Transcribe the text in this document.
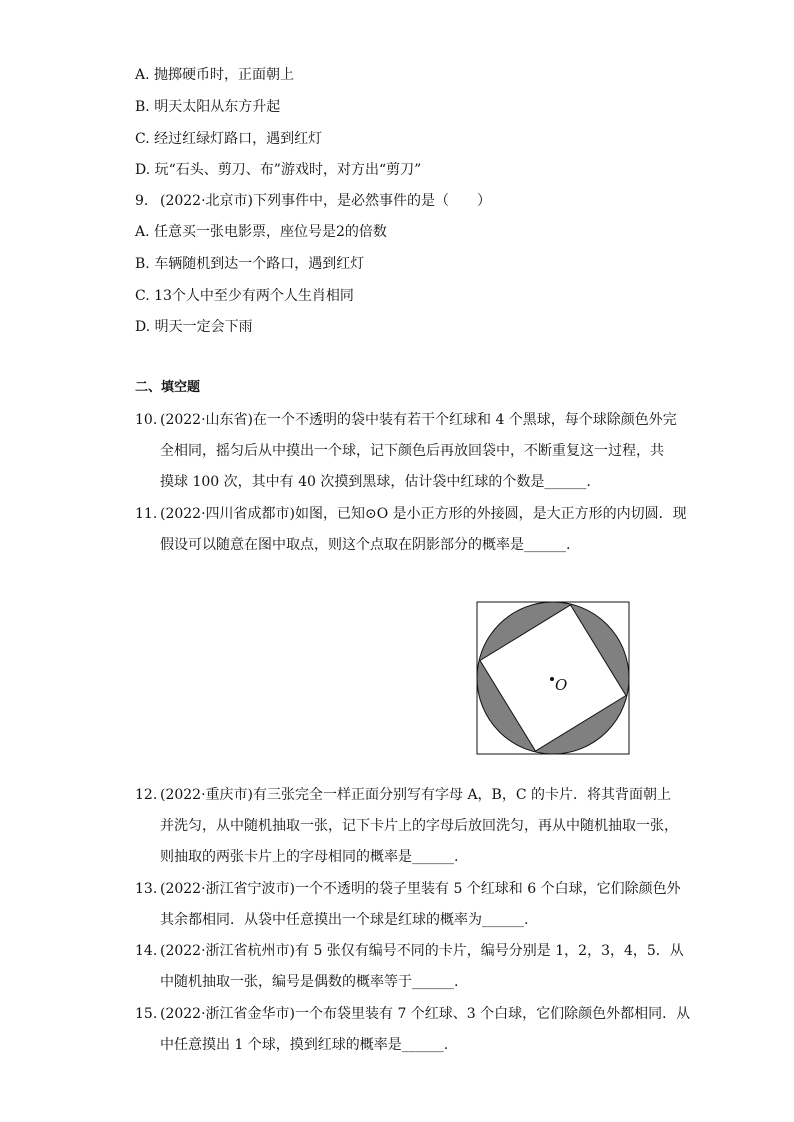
A. 抛掷硬币时，正面朝上
B. 明天太阳从东方升起
C. 经过红绿灯路口，遇到红灯
D. 玩“石头、剪刀、布”游戏时，对方出“剪刀”
9. (2022·北京市)下列事件中，是必然事件的是（　　）
A. 任意买一张电影票，座位号是2的倍数
B. 车辆随机到达一个路口，遇到红灯
C. 13个人中至少有两个人生肖相同
D. 明天一定会下雨
二、填空题
10. (2022·山东省)在一个不透明的袋中装有若干个红球和 4 个黑球，每个球除颜色外完
全相同，摇匀后从中摸出一个球，记下颜色后再放回袋中，不断重复这一过程，共
摸球 100 次，其中有 40 次摸到黑球，估计袋中红球的个数是______.
11. (2022·四川省成都市)如图，已知⊙O 是小正方形的外接圆，是大正方形的内切圆．现
假设可以随意在图中取点，则这个点取在阴影部分的概率是______.
O
12. (2022·重庆市)有三张完全一样正面分别写有字母 A，B，C 的卡片．将其背面朝上
并洗匀，从中随机抽取一张，记下卡片上的字母后放回洗匀，再从中随机抽取一张，
则抽取的两张卡片上的字母相同的概率是______.
13. (2022·浙江省宁波市)一个不透明的袋子里装有 5 个红球和 6 个白球，它们除颜色外
其余都相同．从袋中任意摸出一个球是红球的概率为______.
14. (2022·浙江省杭州市)有 5 张仅有编号不同的卡片，编号分别是 1，2，3，4，5．从
中随机抽取一张，编号是偶数的概率等于______.
15. (2022·浙江省金华市)一个布袋里装有 7 个红球、3 个白球，它们除颜色外都相同．从
中任意摸出 1 个球，摸到红球的概率是______.
